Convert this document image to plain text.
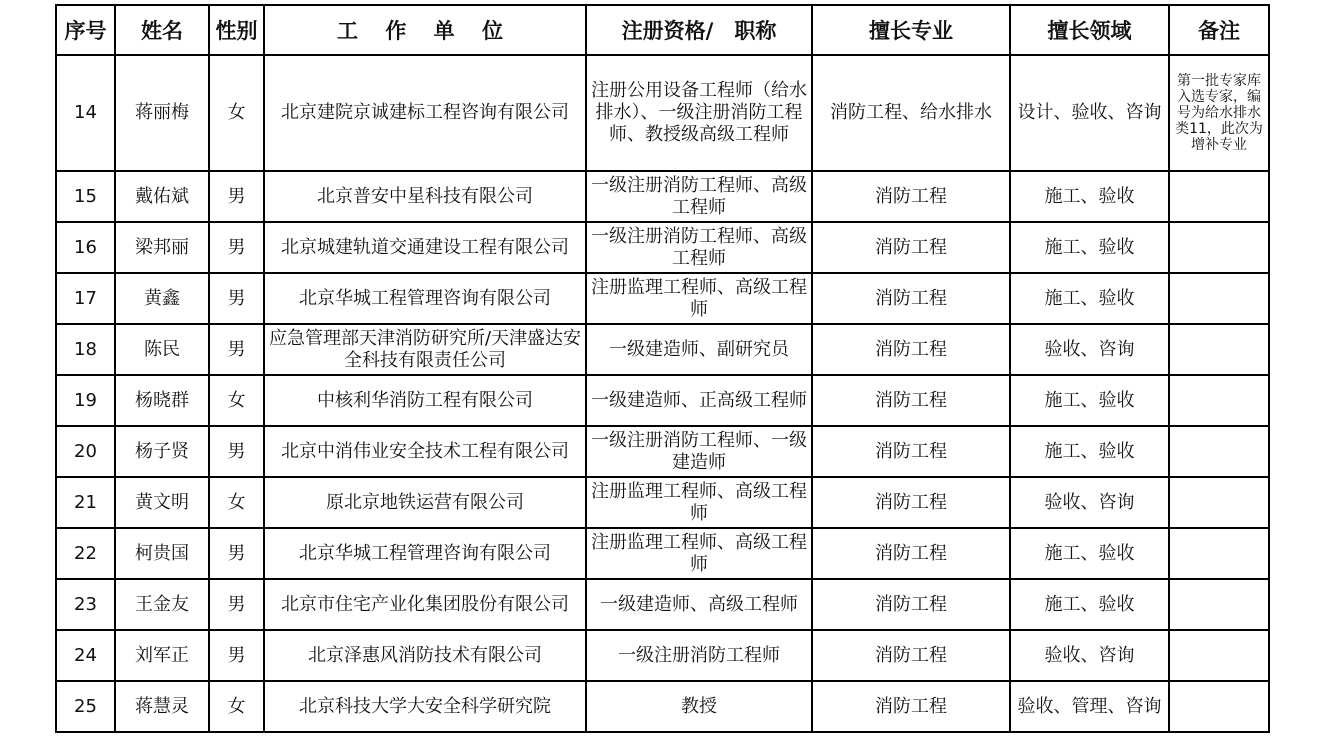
序号	姓名	性别	工 作 单 位	注册资格/　职称	擅长专业	擅长领域	备注
14	蒋丽梅	女	北京建院京诚建标工程咨询有限公司	注册公用设备工程师（给水排水）、一级注册消防工程师、教授级高级工程师	消防工程、给水排水	设计、验收、咨询	第一批专家库入选专家，编号为给水排水类11，此次为增补专业
15	戴佑斌	男	北京普安中星科技有限公司	一级注册消防工程师、高级工程师	消防工程	施工、验收	
16	梁邦丽	男	北京城建轨道交通建设工程有限公司	一级注册消防工程师、高级工程师	消防工程	施工、验收	
17	黄鑫	男	北京华城工程管理咨询有限公司	注册监理工程师、高级工程师	消防工程	施工、验收	
18	陈民	男	应急管理部天津消防研究所/天津盛达安全科技有限责任公司	一级建造师、副研究员	消防工程	验收、咨询	
19	杨晓群	女	中核利华消防工程有限公司	一级建造师、正高级工程师	消防工程	施工、验收	
20	杨子贤	男	北京中消伟业安全技术工程有限公司	一级注册消防工程师、一级建造师	消防工程	施工、验收	
21	黄文明	女	原北京地铁运营有限公司	注册监理工程师、高级工程师	消防工程	验收、咨询	
22	柯贵国	男	北京华城工程管理咨询有限公司	注册监理工程师、高级工程师	消防工程	施工、验收	
23	王金友	男	北京市住宅产业化集团股份有限公司	一级建造师、高级工程师	消防工程	施工、验收	
24	刘军正	男	北京泽惠风消防技术有限公司	一级注册消防工程师	消防工程	验收、咨询	
25	蒋慧灵	女	北京科技大学大安全科学研究院	教授	消防工程	验收、管理、咨询	
